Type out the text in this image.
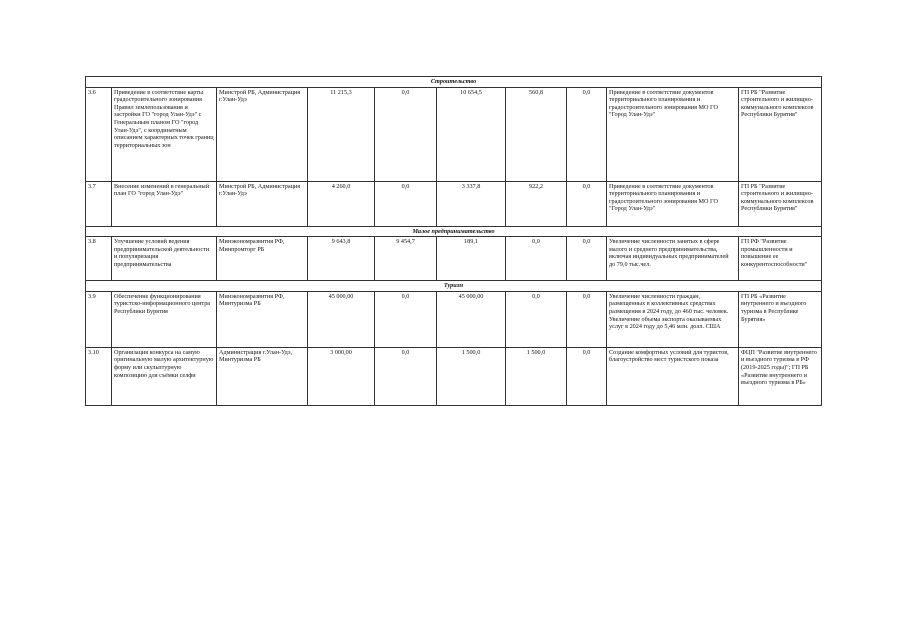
Строительство									
3.6	Приведение в соответствие карты градостроительного зонирования Правил землепользования и застройки ГО "город Улан-Удэ" с Генеральным планом ГО "город Улан-Удэ", с координатным описанием характерных точек границ территориальных зон	Минстрой РБ, Администрация г.Улан-Удэ	11 215,3	0,0	10 654,5	560,8	0,0	Приведение в соответствие документов территориального планирования и градостроительного зонирования МО ГО "Город Улан-Удэ"	ГП РБ "Развитие строительного и жилищно-коммунального комплексов Республики Бурятия"
3.7	Внесение изменений в генеральный план ГО "город Улан-Удэ"	Минстрой РБ, Администрация г.Улан-Удэ	4 260,0	0,0	3 337,8	922,2	0,0	Приведение в соответствие документов территориального планирования и градостроительного зонирования МО ГО "Город Улан-Удэ"	ГП РБ "Развитие строительного и жилищно-коммунального комплексов Республики Бурятия"
Малое предпринимательство									
3.8	Улучшение условий ведения предпринимательской деятельности и популяризация предпринимательства	Минэкономразвития РФ, Минпромторг РБ	9 643,8	9 454,7	189,1	0,0	0,0	Увеличение численности занятых в сфере малого и среднего предпринимательства, включая индивидуальных предпринимателей до 79,0 тыс.чел.	ГП РФ "Развитие промышленности и повышение ее конкурентоспособности"
Туризм									
3.9	Обеспечение функционирования туристско-информационного центра Республики Бурятия	Минэкономразвития РФ, Минтуризма РБ	45 000,00	0,0	45 000,00	0,0	0,0	Увеличение численности граждан, размещенных в коллективных средствах размещения в 2024 году, до 460 тыс. человек. Увеличение объема экспорта оказываемых услуг в 2024 году до 5,46 млн. долл. США	ГП РБ «Развитие внутреннего и въездного туризма в Республике Бурятия»
3.10	Организация конкурса на самую оригинальную малую архитектурную форму или скульптурную композицию для съёмки селфи	Администрация г.Улан-Удэ, Минтуризма РБ	3 000,00	0,0	1 500,0	1 500,0	0,0	Создание комфортных условий для туристов, благоустройство мест туристского показа	ФЦП "Развитие внутреннего и въездного туризма в РФ (2019-2025 годы)"; ГП РБ «Развитие внутреннего и въездного туризма в РБ»
